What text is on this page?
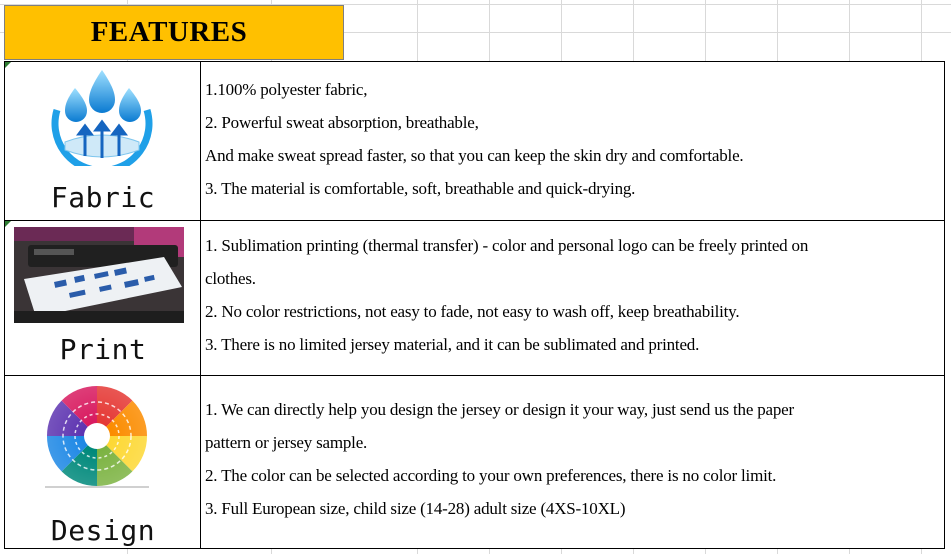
FEATURES
Fabric
1.100% polyester fabric,
2. Powerful sweat absorption, breathable,
And make sweat spread faster, so that you can keep the skin dry and comfortable.
3. The material is comfortable, soft, breathable and quick-drying.
Print
1. Sublimation printing (thermal transfer) - color and personal logo can be freely printed on
clothes.
2. No color restrictions, not easy to fade, not easy to wash off, keep breathability.
3. There is no limited jersey material, and it can be sublimated and printed.
Design
1. We can directly help you design the jersey or design it your way, just send us the paper
pattern or jersey sample.
2. The color can be selected according to your own preferences, there is no color limit.
3. Full European size, child size (14-28) adult size (4XS-10XL)
